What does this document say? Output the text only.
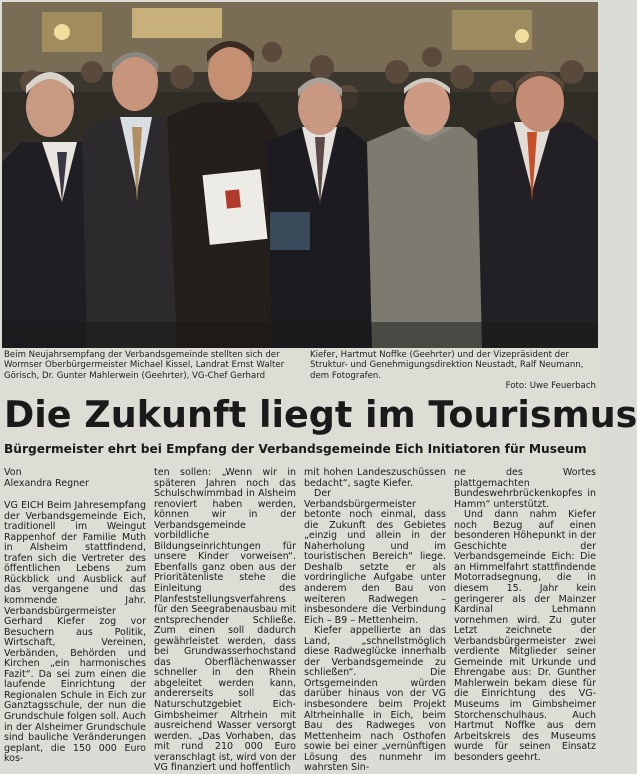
Beim Neujahrsempfang der Verbandsgemeinde stellten sich der Wormser Oberbürgermeister Michael Kissel, Landrat Ernst Walter Görisch, Dr. Gunter Mahlerwein (Geehrter), VG-Chef Gerhard
Kiefer, Hartmut Noffke (Geehrter) und der Vizepräsident der Struktur- und Genehmigungsdirektion Neustadt, Ralf Neumann, dem Fotografen.
Foto: Uwe Feuerbach
Die Zukunft liegt im Tourismus
Bürgermeister ehrt bei Empfang der Verbandsgemeinde Eich Initiatoren für Museum
Von
Alexandra Regner

VG EICH Beim Jahresempfang der Verbandsgemeinde Eich, traditionell im Weingut Rappenhof der Familie Muth in Alsheim stattfindend, trafen sich die Vertreter des öffentlichen Lebens zum Rückblick und Ausblick auf das vergangene und das kommende Jahr. Verbandsbürgermeister Gerhard Kiefer zog vor Besuchern aus Politik, Wirtschaft, Vereinen, Verbänden, Behörden und Kirchen „ein harmonisches Fazit“. Da sei zum einen die laufende Einrichtung der Regionalen Schule in Eich zur Ganztagsschule, der nun die Grundschule folgen soll. Auch in der Alsheimer Grundschule sind bauliche Veränderungen geplant, die 150 000 Euro kos-

ten sollen: „Wenn wir in späteren Jahren noch das Schulschwimmbad in Alsheim renoviert haben werden, können wir in der Verbandsgemeinde vorbildliche Bildungseinrichtungen für unsere Kinder vorweisen“. Ebenfalls ganz oben aus der Prioritätenliste stehe die Einleitung des Planfeststellungsverfahrens für den Seegrabenausbau mit entsprechender Schließe. Zum einen soll dadurch gewährleistet werden, dass bei Grundwasserhochstand das Oberflächenwasser schneller in den Rhein abgeleitet werden kann, andererseits soll das Naturschutzgebiet Eich-Gimbsheimer Altrhein mit ausreichend Wasser versorgt werden. „Das Vorhaben, das mit rund 210 000 Euro veranschlagt ist, wird von der VG finanziert und hoffentlich

mit hohen Landeszuschüssen bedacht“, sagte Kiefer.

Der Verbandsbürgermeister betonte noch einmal, dass die Zukunft des Gebietes „einzig und allein in der Naherholung und im touristischen Bereich“ liege. Deshalb setzte er als vordringliche Aufgabe unter anderem den Bau von weiteren Radwegen – insbesondere die Verbindung Eich – B9 – Mettenheim.

Kiefer appellierte an das Land, „schnellstmöglich diese Radweglücke innerhalb der Verbandsgemeinde zu schließen“. Die Ortsgemeinden würden darüber hinaus von der VG insbesondere beim Projekt Altrheinhalle in Eich, beim Bau des Radweges von Mettenheim nach Osthofen sowie bei einer „vernünftigen Lösung des nunmehr im wahrsten Sin-

ne des Wortes plattgemachten Bundeswehrbrückenkopfes in Hamm“ unterstützt.

Und dann nahm Kiefer noch Bezug auf einen besonderen Höhepunkt in der Geschichte der Verbandsgemeinde Eich: Die an Himmelfahrt stattfindende Motorradsegnung, die in diesem 15. Jahr kein geringerer als der Mainzer Kardinal Lehmann vornehmen wird. Zu guter Letzt zeichnete der Verbandsbürgermeister zwei verdiente Mitglieder seiner Gemeinde mit Urkunde und Ehrengabe aus: Dr. Gunther Mahlerwein bekam diese für die Einrichtung des VG-Museums im Gimbsheimer Storchenschulhaus. Auch Hartmut Noffke aus dem Arbeitskreis des Museums wurde für seinen Einsatz besonders geehrt.
